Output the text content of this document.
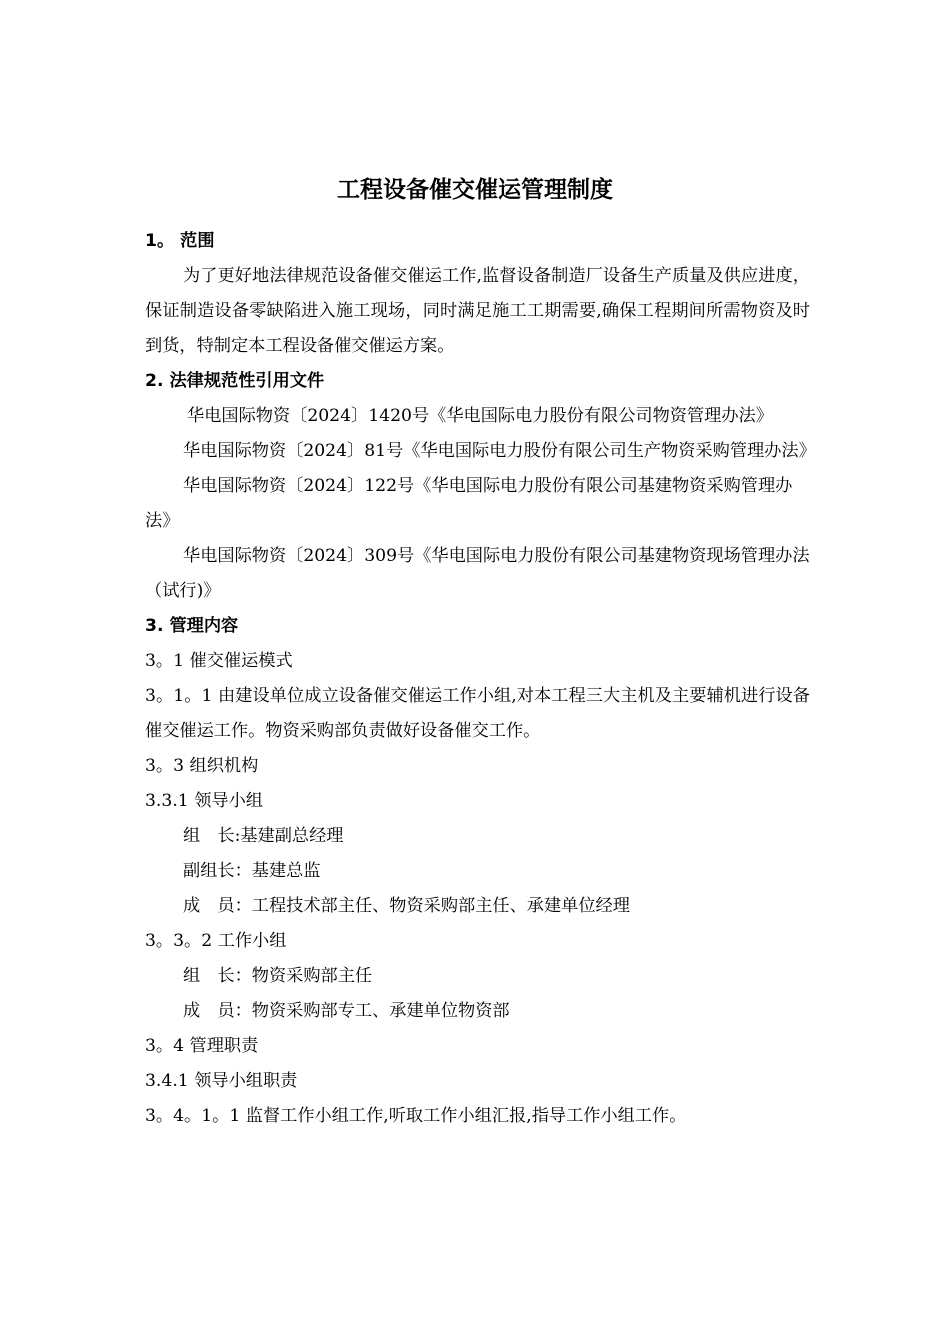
工程设备催交催运管理制度

1。 范围

为了更好地法律规范设备催交催运工作,监督设备制造厂设备生产质量及供应进度，保证制造设备零缺陷进入施工现场，同时满足施工工期需要,确保工程期间所需物资及时到货，特制定本工程设备催交催运方案。

2. 法律规范性引用文件

华电国际物资〔2024〕1420号《华电国际电力股份有限公司物资管理办法》

华电国际物资〔2024〕81号《华电国际电力股份有限公司生产物资采购管理办法》

华电国际物资〔2024〕122号《华电国际电力股份有限公司基建物资采购管理办法》

华电国际物资〔2024〕309号《华电国际电力股份有限公司基建物资现场管理办法（试行)》

3. 管理内容

3。1 催交催运模式

3。1。1 由建设单位成立设备催交催运工作小组,对本工程三大主机及主要辅机进行设备催交催运工作。物资采购部负责做好设备催交工作。

3。3 组织机构

3.3.1 领导小组

组　长:基建副总经理

副组长：基建总监

成　员：工程技术部主任、物资采购部主任、承建单位经理

3。3。2 工作小组

组　长：物资采购部主任

成　员：物资采购部专工、承建单位物资部

3。4 管理职责

3.4.1 领导小组职责

3。4。1。1 监督工作小组工作,听取工作小组汇报,指导工作小组工作。
